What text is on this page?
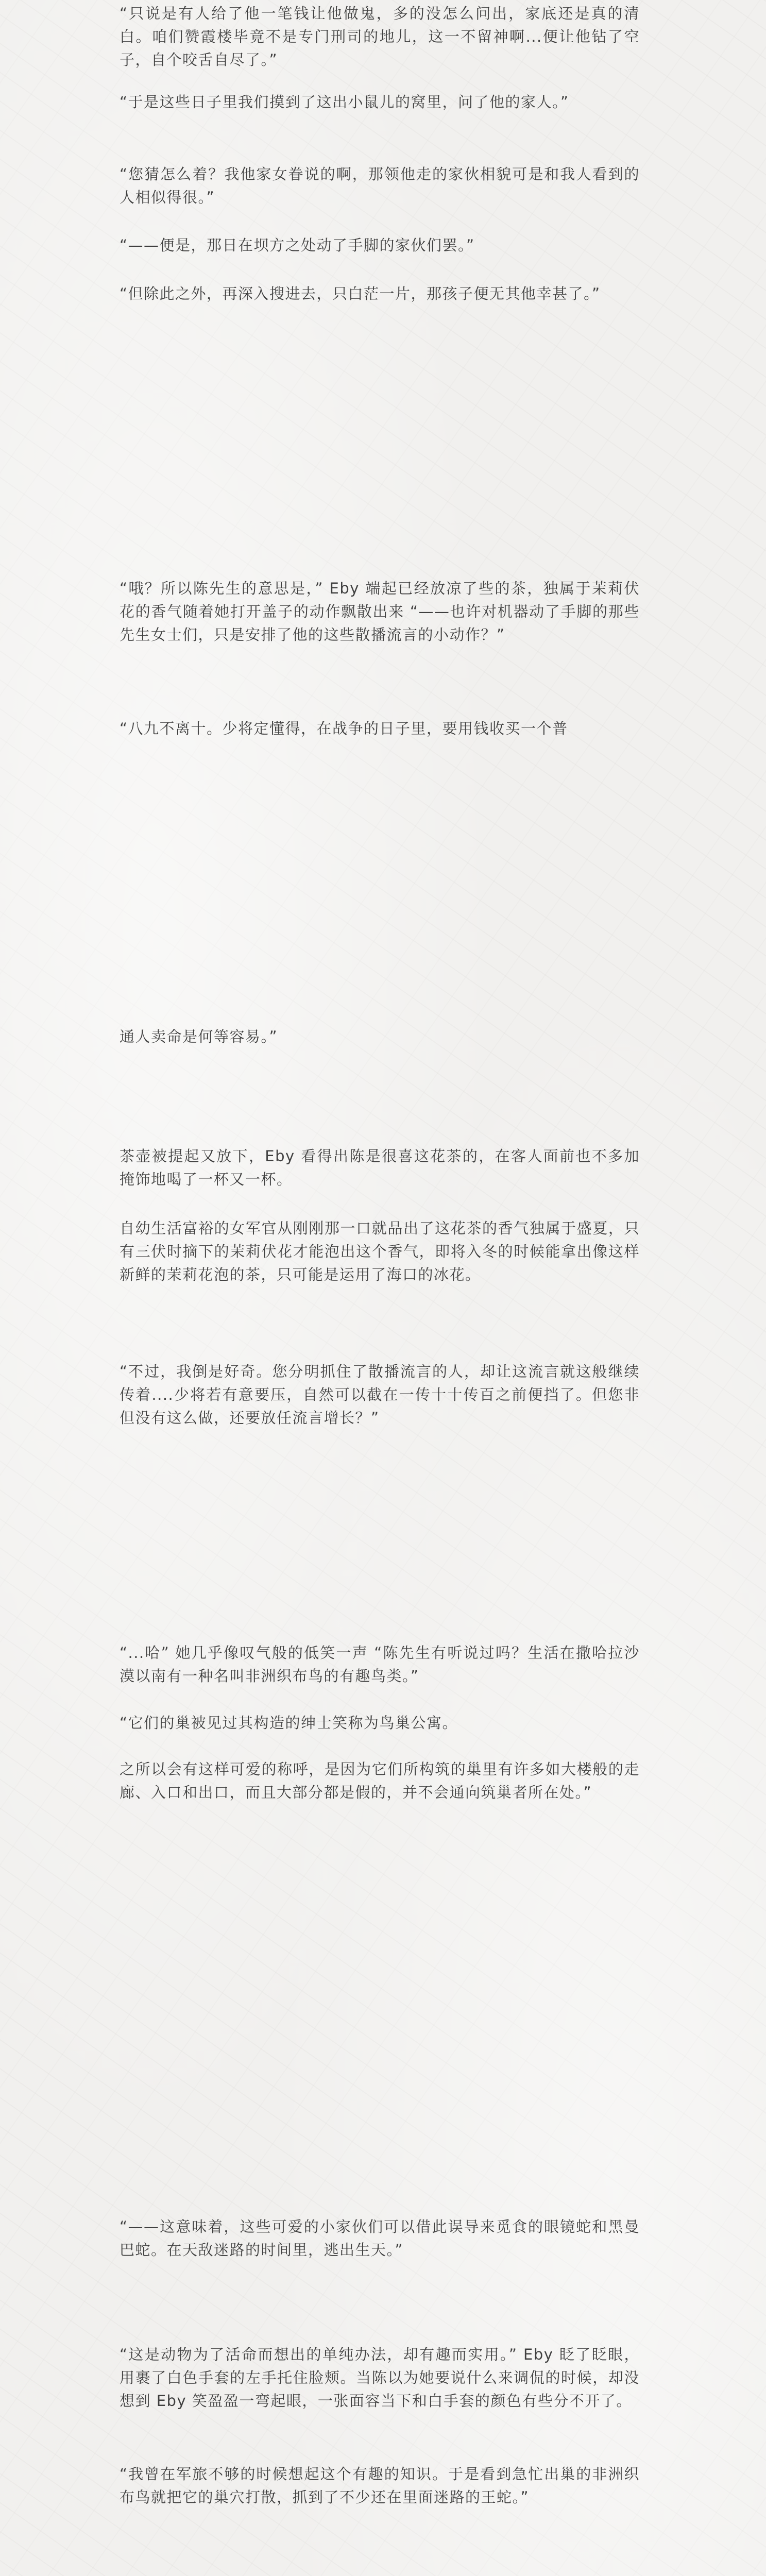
“只说是有人给了他一笔钱让他做鬼，多的没怎么问出，家底还是真的清白。咱们赞霞楼毕竟不是专门刑司的地儿，这一不留神啊...便让他钻了空子，自个咬舌自尽了。”

“于是这些日子里我们摸到了这出小鼠儿的窝里，问了他的家人。”

“您猜怎么着？我他家女眷说的啊，那领他走的家伙相貌可是和我人看到的人相似得很。”

“——便是，那日在坝方之处动了手脚的家伙们罢。”

“但除此之外，再深入搜进去，只白茫一片，那孩子便无其他幸甚了。”

“哦？所以陈先生的意思是，” Eby 端起已经放凉了些的茶，独属于茉莉伏花的香气随着她打开盖子的动作飘散出来 “——也许对机器动了手脚的那些先生女士们，只是安排了他的这些散播流言的小动作？”

“八九不离十。少将定懂得，在战争的日子里，要用钱收买一个普

通人卖命是何等容易。”

茶壶被提起又放下，Eby 看得出陈是很喜这花茶的，在客人面前也不多加掩饰地喝了一杯又一杯。

自幼生活富裕的女军官从刚刚那一口就品出了这花茶的香气独属于盛夏，只有三伏时摘下的茉莉伏花才能泡出这个香气，即将入冬的时候能拿出像这样新鲜的茉莉花泡的茶，只可能是运用了海口的冰花。

“不过，我倒是好奇。您分明抓住了散播流言的人，却让这流言就这般继续传着....少将若有意要压，自然可以截在一传十十传百之前便挡了。但您非但没有这么做，还要放任流言增长？”

“...哈” 她几乎像叹气般的低笑一声 “陈先生有听说过吗？生活在撒哈拉沙漠以南有一种名叫非洲织布鸟的有趣鸟类。”

“它们的巢被见过其构造的绅士笑称为鸟巢公寓。

之所以会有这样可爱的称呼，是因为它们所构筑的巢里有许多如大楼般的走廊、入口和出口，而且大部分都是假的，并不会通向筑巢者所在处。”

“——这意味着，这些可爱的小家伙们可以借此误导来觅食的眼镜蛇和黑曼巴蛇。在天敌迷路的时间里，逃出生天。”

“这是动物为了活命而想出的单纯办法，却有趣而实用。” Eby 眨了眨眼，用裹了白色手套的左手托住脸颊。当陈以为她要说什么来调侃的时候，却没想到 Eby 笑盈盈一弯起眼，一张面容当下和白手套的颜色有些分不开了。

“我曾在军旅不够的时候想起这个有趣的知识。于是看到急忙出巢的非洲织布鸟就把它的巢穴打散，抓到了不少还在里面迷路的王蛇。”
